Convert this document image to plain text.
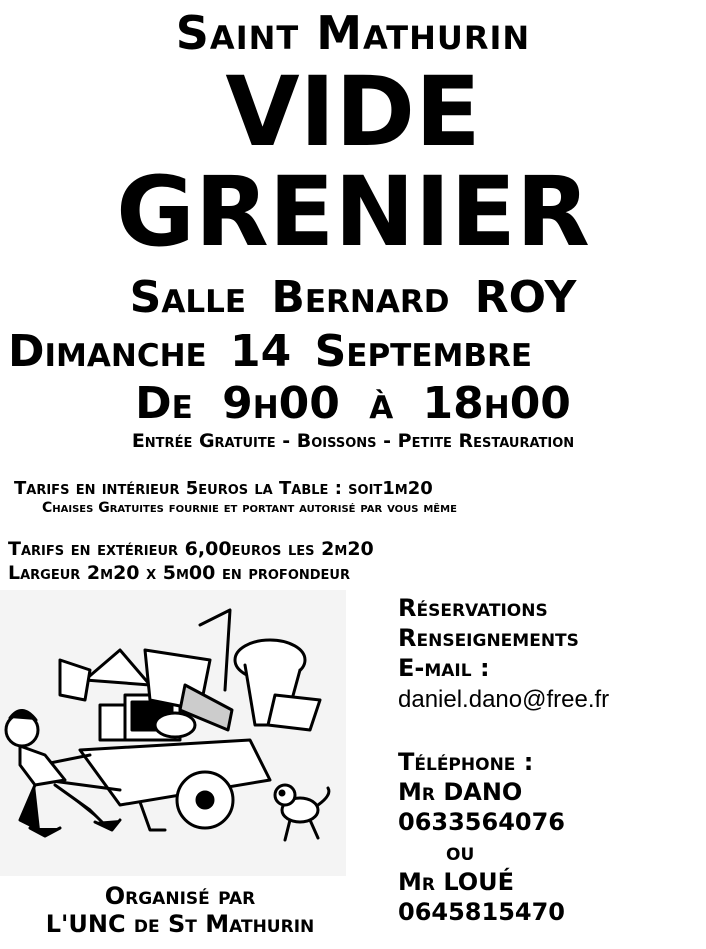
Saint Mathurin
VIDE
GRENIER
Salle Bernard ROY
Dimanche 14 Septembre
De 9h00 à 18h00
Entrée Gratuite - Boissons - Petite Restauration
Tarifs en intérieur 5euros la Table : soit1m20
Chaises Gratuites fournie et portant autorisé par vous même
Tarifs en extérieur 6,00euros les 2m20
Largeur 2m20 x 5m00 en profondeur
Réservations
Renseignements
E-mail :
daniel.dano@free.fr
Téléphone :
Mr DANO
0633564076
ou
Mr LOUÉ
0645815470
Organisé par
L'UNC de St Mathurin
